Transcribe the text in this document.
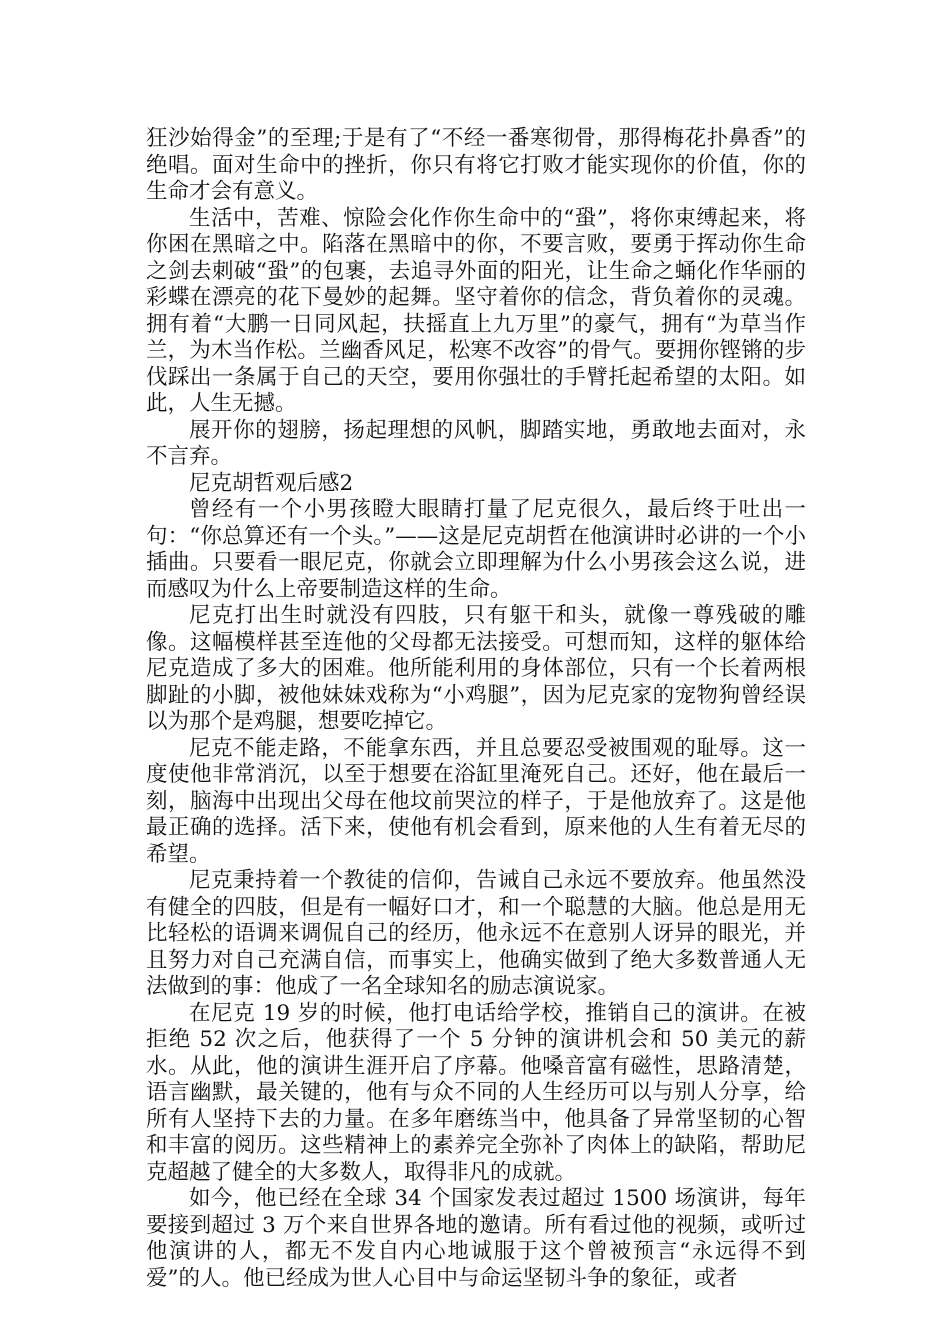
狂沙始得金”的至理;于是有了“不经一番寒彻骨，那得梅花扑鼻香”的绝唱。面对生命中的挫折，你只有将它打败才能实现你的价值，你的生命才会有意义。

生活中，苦难、惊险会化作你生命中的“蛩”，将你束缚起来，将你困在黑暗之中。陷落在黑暗中的你，不要言败，要勇于挥动你生命之剑去刺破“蛩”的包裹，去追寻外面的阳光，让生命之蛹化作华丽的彩蝶在漂亮的花下曼妙的起舞。坚守着你的信念，背负着你的灵魂。拥有着“大鹏一日同风起，扶摇直上九万里”的豪气，拥有“为草当作兰，为木当作松。兰幽香风足，松寒不改容”的骨气。要拥你铿锵的步伐踩出一条属于自己的天空，要用你强壮的手臂托起希望的太阳。如此，人生无撼。

展开你的翅膀，扬起理想的风帆，脚踏实地，勇敢地去面对，永不言弃。

尼克胡哲观后感2

曾经有一个小男孩瞪大眼睛打量了尼克很久，最后终于吐出一句：“你总算还有一个头。”——这是尼克胡哲在他演讲时必讲的一个小插曲。只要看一眼尼克，你就会立即理解为什么小男孩会这么说，进而感叹为什么上帝要制造这样的生命。

尼克打出生时就没有四肢，只有躯干和头，就像一尊残破的雕像。这幅模样甚至连他的父母都无法接受。可想而知，这样的躯体给尼克造成了多大的困难。他所能利用的身体部位，只有一个长着两根脚趾的小脚，被他妹妹戏称为“小鸡腿”，因为尼克家的宠物狗曾经误以为那个是鸡腿，想要吃掉它。

尼克不能走路，不能拿东西，并且总要忍受被围观的耻辱。这一度使他非常消沉，以至于想要在浴缸里淹死自己。还好，他在最后一刻，脑海中出现出父母在他坟前哭泣的样子，于是他放弃了。这是他最正确的选择。活下来，使他有机会看到，原来他的人生有着无尽的希望。

尼克秉持着一个教徒的信仰，告诫自己永远不要放弃。他虽然没有健全的四肢，但是有一幅好口才，和一个聪慧的大脑。他总是用无比轻松的语调来调侃自己的经历，他永远不在意别人讶异的眼光，并且努力对自己充满自信，而事实上，他确实做到了绝大多数普通人无法做到的事：他成了一名全球知名的励志演说家。

在尼克 19 岁的时候，他打电话给学校，推销自己的演讲。在被拒绝 52 次之后，他获得了一个 5 分钟的演讲机会和 50 美元的薪水。从此，他的演讲生涯开启了序幕。他嗓音富有磁性，思路清楚，语言幽默，最关键的，他有与众不同的人生经历可以与别人分享，给所有人坚持下去的力量。在多年磨练当中，他具备了异常坚韧的心智和丰富的阅历。这些精神上的素养完全弥补了肉体上的缺陷，帮助尼克超越了健全的大多数人，取得非凡的成就。

如今，他已经在全球 34 个国家发表过超过 1500 场演讲，每年要接到超过 3 万个来自世界各地的邀请。所有看过他的视频，或听过他演讲的人，都无不发自内心地诚服于这个曾被预言“永远得不到爱”的人。他已经成为世人心目中与命运坚韧斗争的象征，或者
